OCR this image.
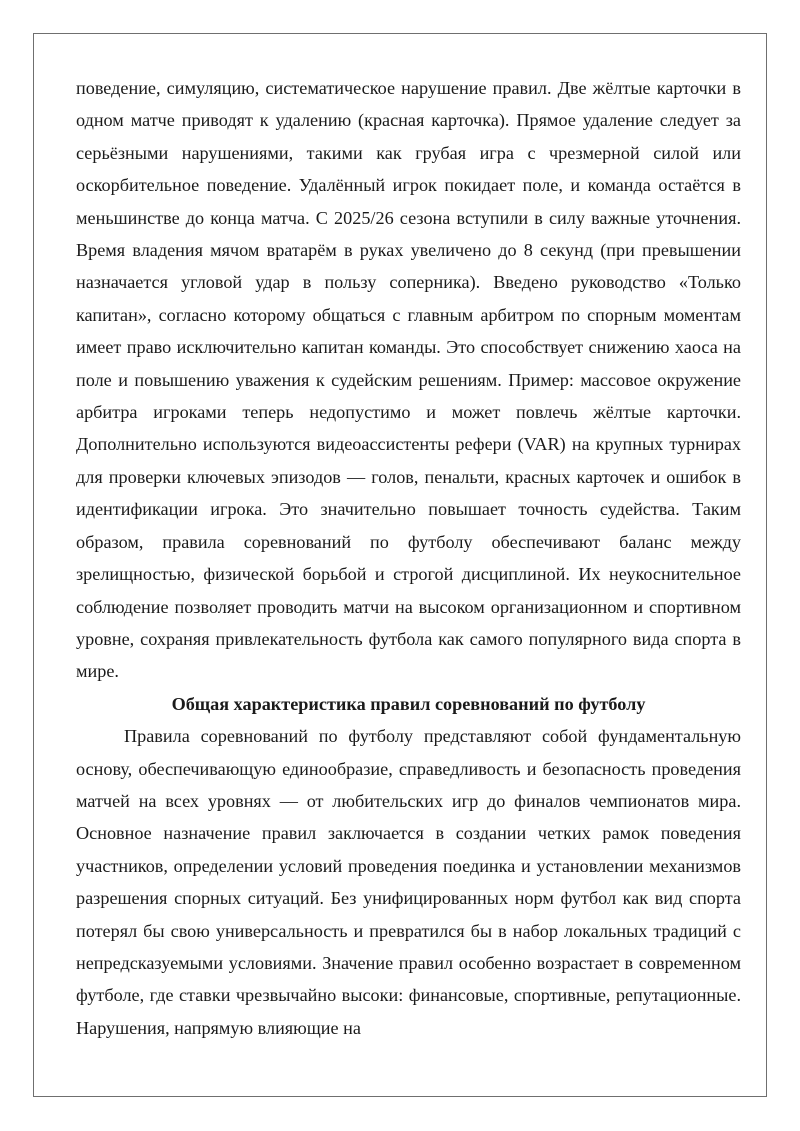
поведение, симуляцию, систематическое нарушение правил. Две жёлтые карточки в одном матче приводят к удалению (красная карточка). Прямое удаление следует за серьёзными нарушениями, такими как грубая игра с чрезмерной силой или оскорбительное поведение. Удалённый игрок покидает поле, и команда остаётся в меньшинстве до конца матча. С 2025/26 сезона вступили в силу важные уточнения. Время владения мячом вратарём в руках увеличено до 8 секунд (при превышении назначается угловой удар в пользу соперника). Введено руководство «Только капитан», согласно которому общаться с главным арбитром по спорным моментам имеет право исключительно капитан команды. Это способствует снижению хаоса на поле и повышению уважения к судейским решениям. Пример: массовое окружение арбитра игроками теперь недопустимо и может повлечь жёлтые карточки. Дополнительно используются видеоассистенты рефери (VAR) на крупных турнирах для проверки ключевых эпизодов — голов, пенальти, красных карточек и ошибок в идентификации игрока. Это значительно повышает точность судейства. Таким образом, правила соревнований по футболу обеспечивают баланс между зрелищностью, физической борьбой и строгой дисциплиной. Их неукоснительное соблюдение позволяет проводить матчи на высоком организационном и спортивном уровне, сохраняя привлекательность футбола как самого популярного вида спорта в мире.

Общая характеристика правил соревнований по футболу

Правила соревнований по футболу представляют собой фундаментальную основу, обеспечивающую единообразие, справедливость и безопасность проведения матчей на всех уровнях — от любительских игр до финалов чемпионатов мира. Основное назначение правил заключается в создании четких рамок поведения участников, определении условий проведения поединка и установлении механизмов разрешения спорных ситуаций. Без унифицированных норм футбол как вид спорта потерял бы свою универсальность и превратился бы в набор локальных традиций с непредсказуемыми условиями. Значение правил особенно возрастает в современном футболе, где ставки чрезвычайно высоки: финансовые, спортивные, репутационные. Нарушения, напрямую влияющие на
